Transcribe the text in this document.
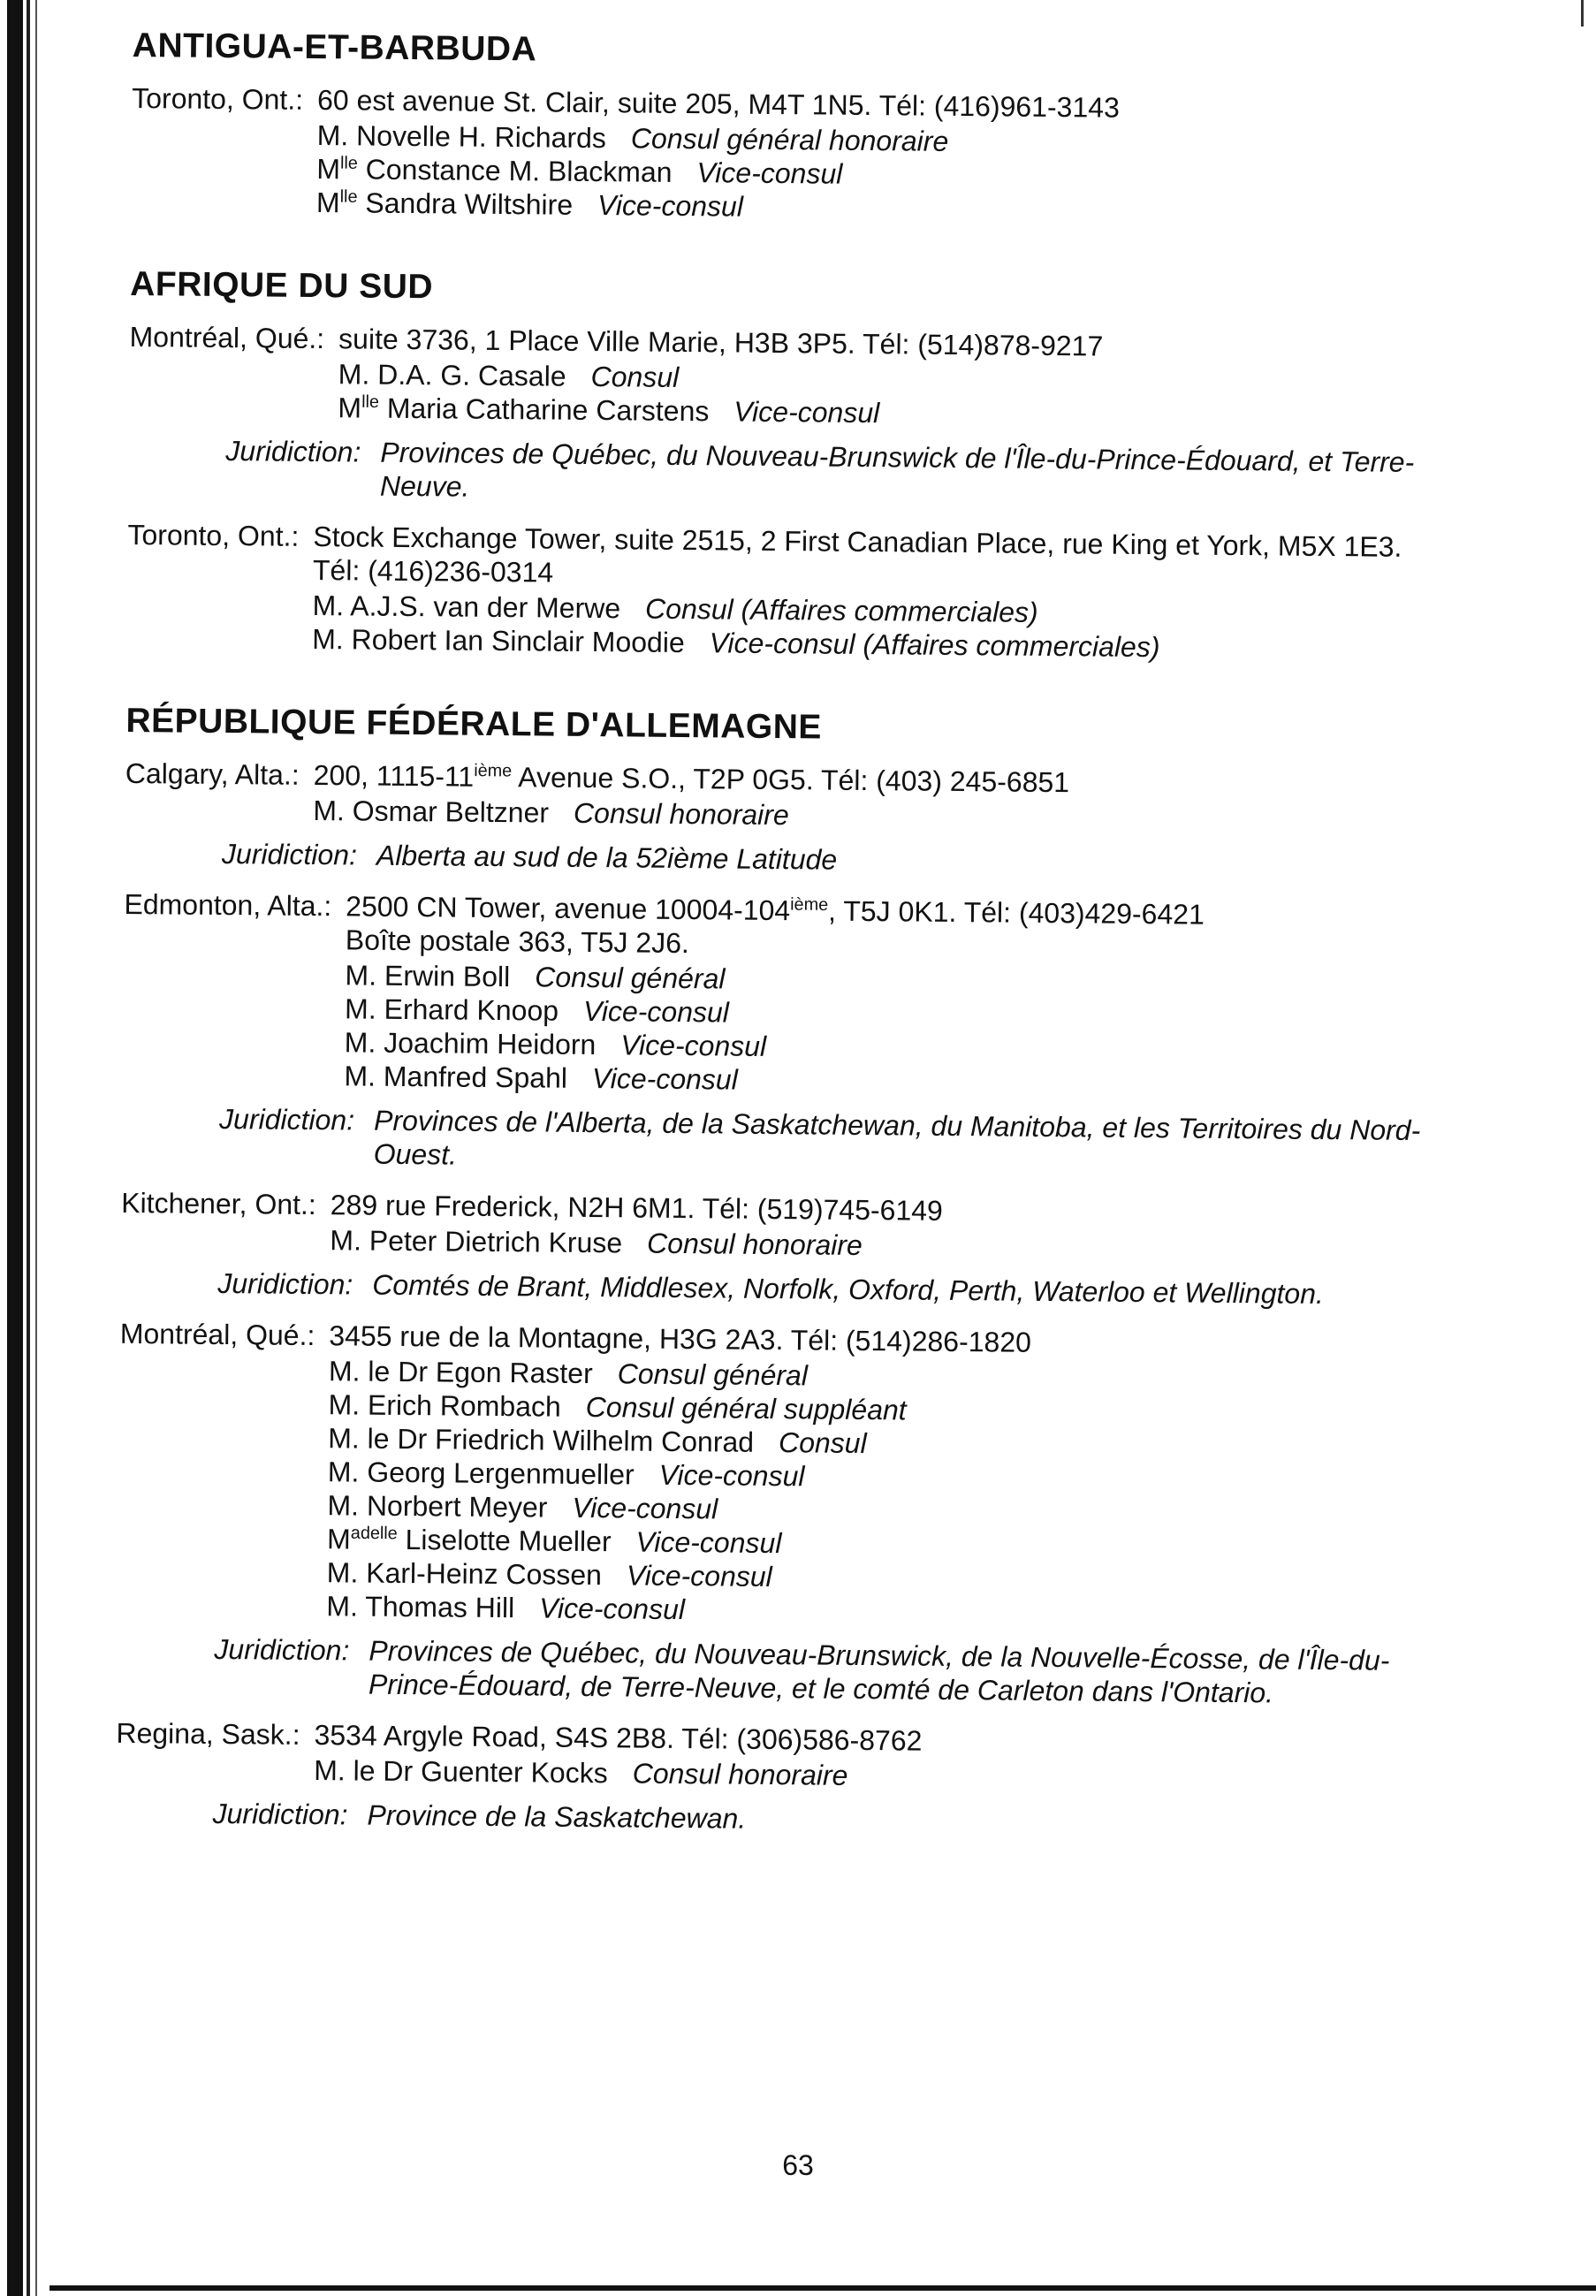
ANTIGUA-ET-BARBUDA
Toronto, Ont.: 60 est avenue St. Clair, suite 205, M4T 1N5. Tél: (416)961-3143
M. Novelle H. Richards Consul général honoraire
$M^{lle}$ Constance M. Blackman Vice-consul
$M^{lle}$ Sandra Wiltshire Vice-consul
AFRIQUE DU SUD
Montréal, Qué.: suite 3736, 1 Place Ville Marie, H3B 3P5. Tél: (514)878-9217
M. D.A. G. Casale Consul
$M^{lle}$ Maria Catharine Carstens Vice-consul
Juridiction: Provinces de Québec, du Nouveau-Brunswick de l'Île-du-Prince-Édouard, et Terre-Neuve.
Toronto, Ont.: Stock Exchange Tower, suite 2515, 2 First Canadian Place, rue King et York, M5X 1E3. Tél: (416)236-0314
M. A.J.S. van der Merwe Consul (Affaires commerciales)
M. Robert Ian Sinclair Moodie Vice-consul (Affaires commerciales)
RÉPUBLIQUE FÉDÉRALE D'ALLEMAGNE
Calgary, Alta.: 200, 1115-11ième Avenue S.O., T2P 0G5. Tél: (403) 245-6851
M. Osmar Beltzner Consul honoraire
Juridiction: Alberta au sud de la 52ième Latitude
Edmonton, Alta.: 2500 CN Tower, avenue 10004-104ième, T5J 0K1. Tél: (403)429-6421
Boîte postale 363, T5J 2J6.
M. Erwin Boll Consul général
M. Erhard Knoop Vice-consul
M. Joachim Heidorn Vice-consul
M. Manfred Spahl Vice-consul
Juridiction: Provinces de l'Alberta, de la Saskatchewan, du Manitoba, et les Territoires du Nord-Ouest.
Kitchener, Ont.: 289 rue Frederick, N2H 6M1. Tél: (519)745-6149
M. Peter Dietrich Kruse Consul honoraire
Juridiction: Comtés de Brant, Middlesex, Norfolk, Oxford, Perth, Waterloo et Wellington.
Montréal, Qué.: 3455 rue de la Montagne, H3G 2A3. Tél: (514)286-1820
M. le Dr Egon Raster Consul général
M. Erich Rombach Consul général suppléant
M. le Dr Friedrich Wilhelm Conrad Consul
M. Georg Lergenmueller Vice-consul
M. Norbert Meyer Vice-consul
$M^{adelle}$ Liselotte Mueller Vice-consul
M. Karl-Heinz Cossen Vice-consul
M. Thomas Hill Vice-consul
Juridiction: Provinces de Québec, du Nouveau-Brunswick, de la Nouvelle-Écosse, de l'Île-du-Prince-Édouard, de Terre-Neuve, et le comté de Carleton dans l'Ontario.
Regina, Sask.: 3534 Argyle Road, S4S 2B8. Tél: (306)586-8762
M. le Dr Guenter Kocks Consul honoraire
Juridiction: Province de la Saskatchewan.
63
